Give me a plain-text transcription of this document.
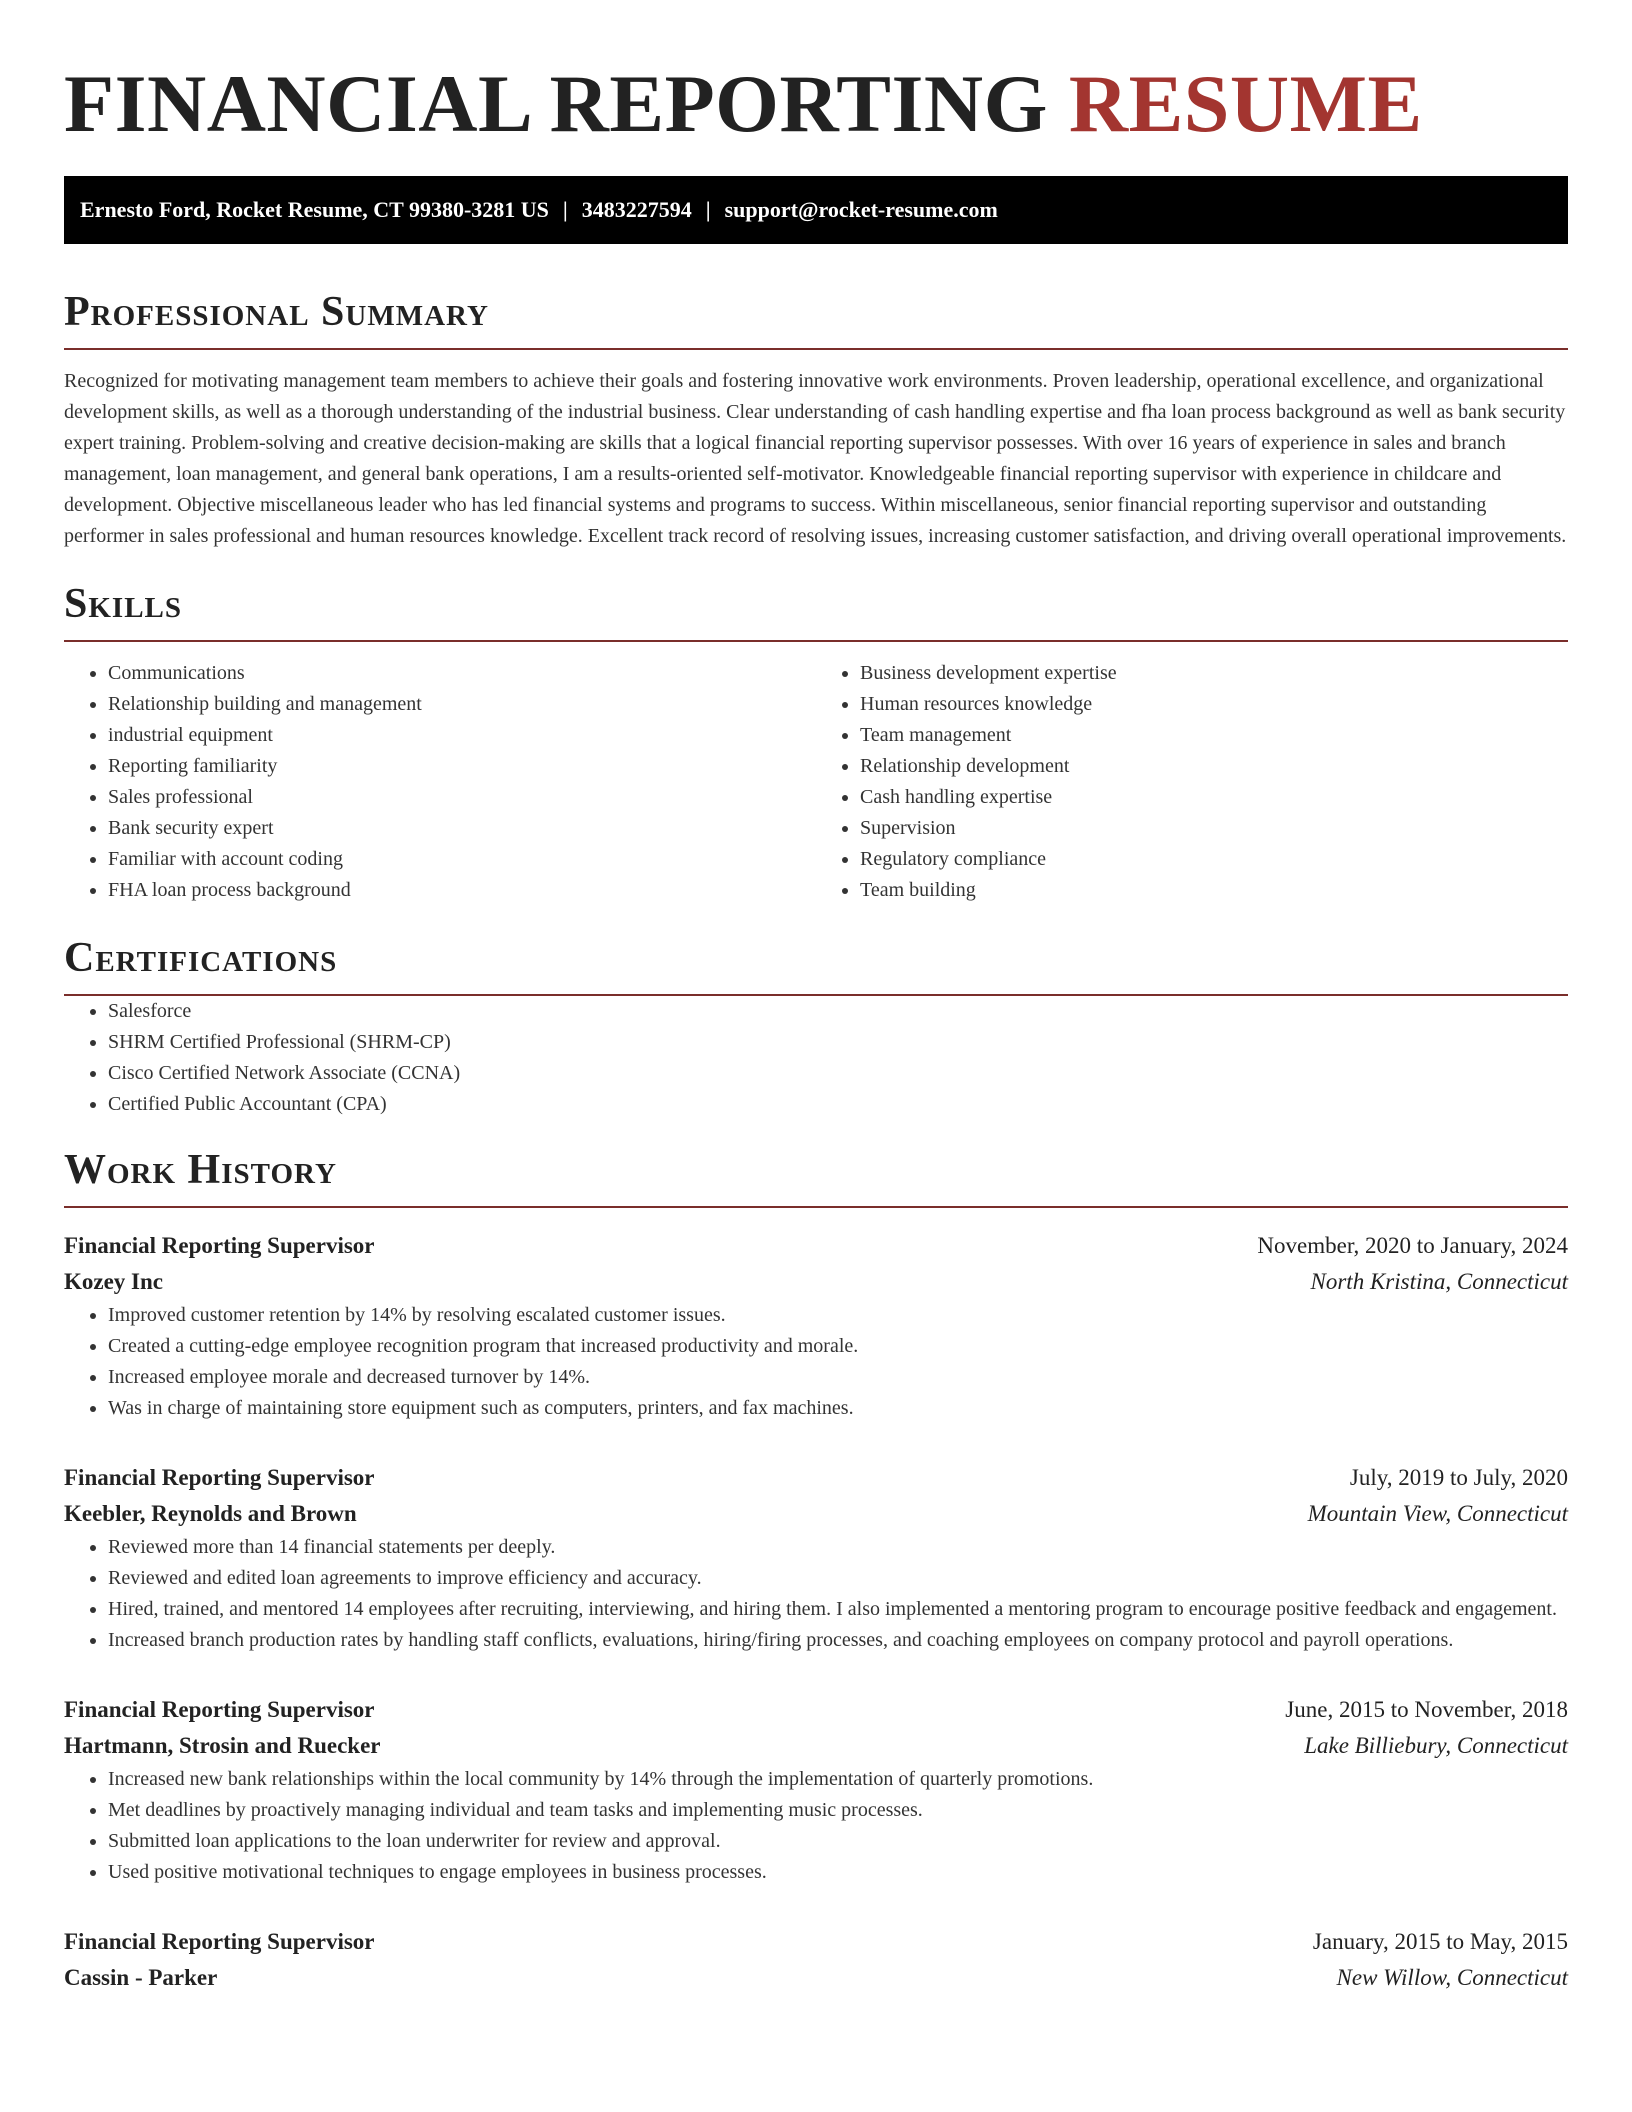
FINANCIAL REPORTING RESUME
Ernesto Ford, Rocket Resume, CT 99380-3281 US | 3483227594 | support@rocket-resume.com
Professional Summary

Recognized for motivating management team members to achieve their goals and fostering innovative work environments. Proven leadership, operational excellence, and organizational development skills, as well as a thorough understanding of the industrial business. Clear understanding of cash handling expertise and fha loan process background as well as bank security expert training. Problem-solving and creative decision-making are skills that a logical financial reporting supervisor possesses. With over 16 years of experience in sales and branch management, loan management, and general bank operations, I am a results-oriented self-motivator. Knowledgeable financial reporting supervisor with experience in childcare and development. Objective miscellaneous leader who has led financial systems and programs to success. Within miscellaneous, senior financial reporting supervisor and outstanding performer in sales professional and human resources knowledge. Excellent track record of resolving issues, increasing customer satisfaction, and driving overall operational improvements.

Skills
• Communications
• Relationship building and management
• industrial equipment
• Reporting familiarity
• Sales professional
• Bank security expert
• Familiar with account coding
• FHA loan process background
• Business development expertise
• Human resources knowledge
• Team management
• Relationship development
• Cash handling expertise
• Supervision
• Regulatory compliance
• Team building
Certifications
• Salesforce
• SHRM Certified Professional (SHRM-CP)
• Cisco Certified Network Associate (CCNA)
• Certified Public Accountant (CPA)
Work History
Financial Reporting Supervisor	November, 2020 to January, 2024
Kozey Inc	North Kristina, Connecticut
• Improved customer retention by 14% by resolving escalated customer issues.
• Created a cutting-edge employee recognition program that increased productivity and morale.
• Increased employee morale and decreased turnover by 14%.
• Was in charge of maintaining store equipment such as computers, printers, and fax machines.
Financial Reporting Supervisor	July, 2019 to July, 2020
Keebler, Reynolds and Brown	Mountain View, Connecticut
• Reviewed more than 14 financial statements per deeply.
• Reviewed and edited loan agreements to improve efficiency and accuracy.
• Hired, trained, and mentored 14 employees after recruiting, interviewing, and hiring them. I also implemented a mentoring program to encourage positive feedback and engagement.
• Increased branch production rates by handling staff conflicts, evaluations, hiring/firing processes, and coaching employees on company protocol and payroll operations.
Financial Reporting Supervisor	June, 2015 to November, 2018
Hartmann, Strosin and Ruecker	Lake Billiebury, Connecticut
• Increased new bank relationships within the local community by 14% through the implementation of quarterly promotions.
• Met deadlines by proactively managing individual and team tasks and implementing music processes.
• Submitted loan applications to the loan underwriter for review and approval.
• Used positive motivational techniques to engage employees in business processes.
Financial Reporting Supervisor	January, 2015 to May, 2015
Cassin - Parker	New Willow, Connecticut
